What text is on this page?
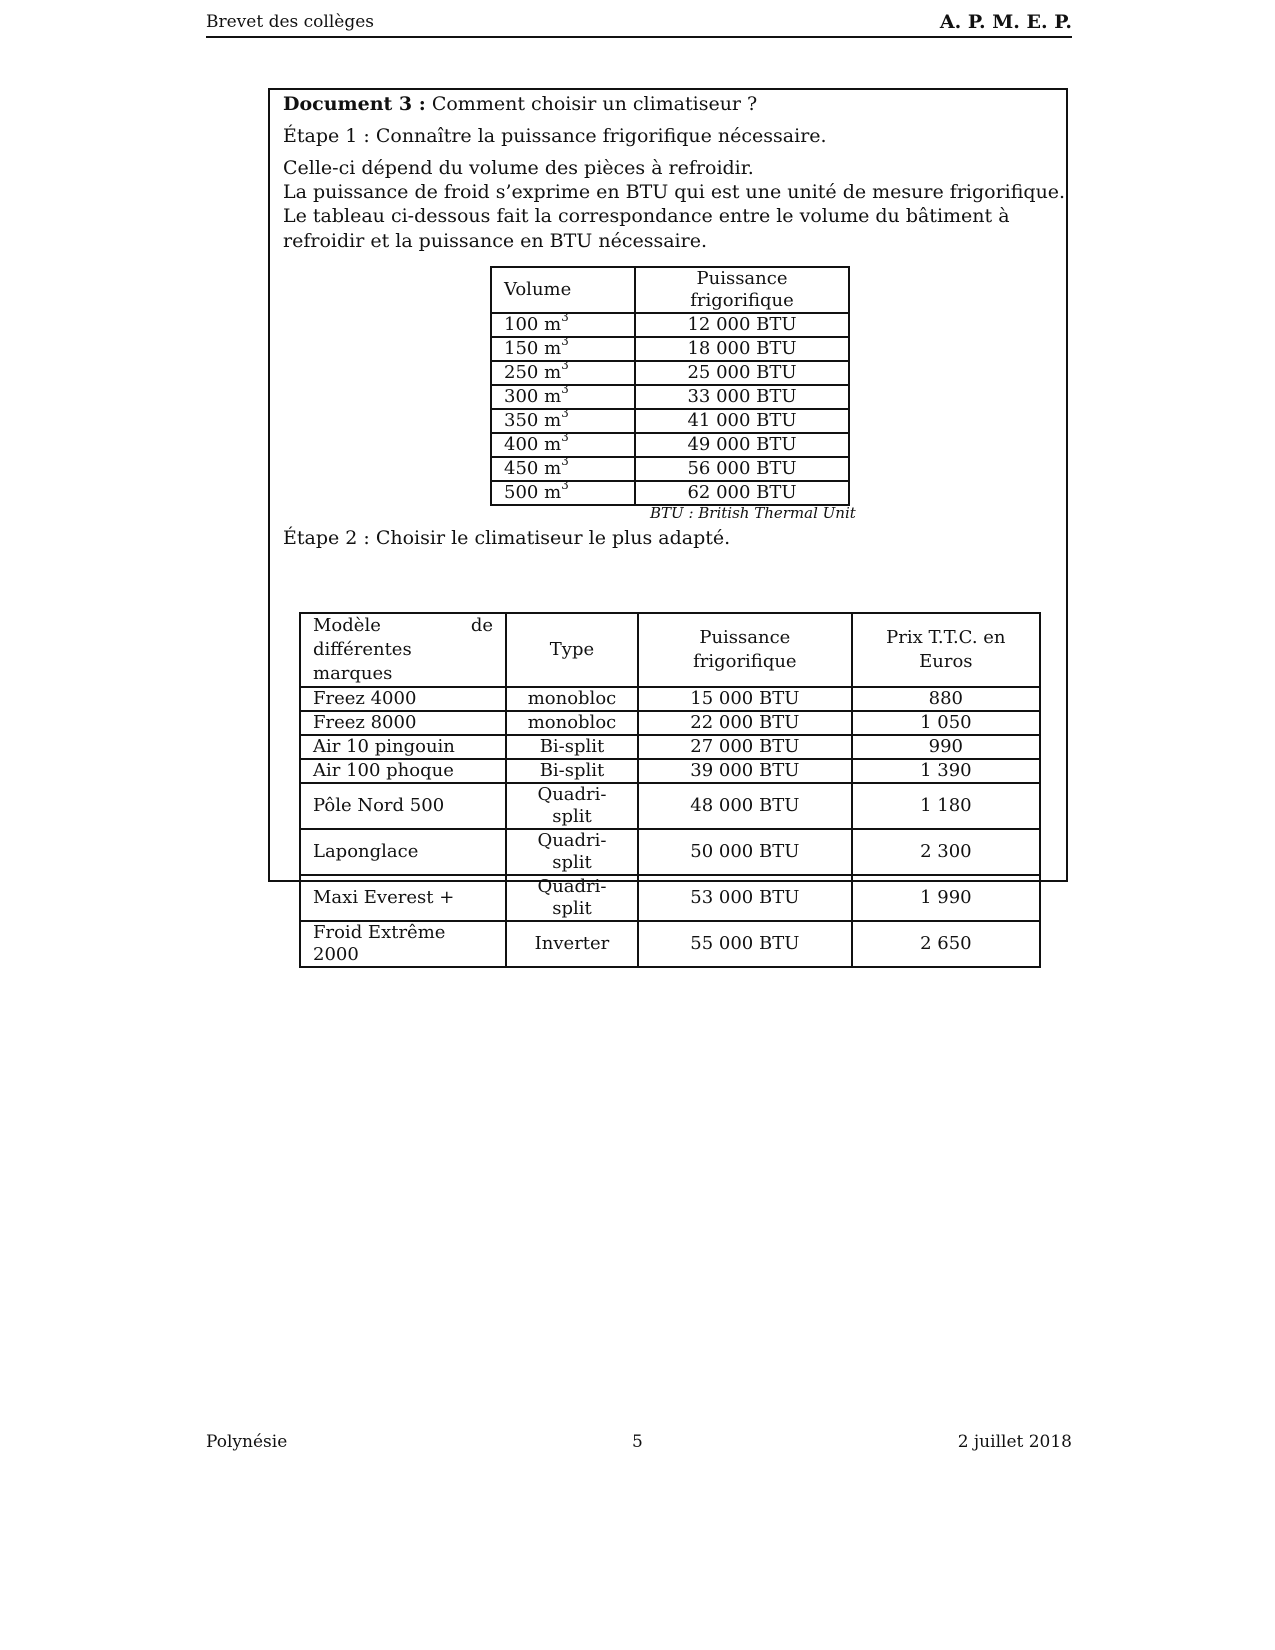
Brevet des collèges	A. P. M. E. P.
Document 3 : Comment choisir un climatiseur ?
Étape 1 : Connaître la puissance frigorifique nécessaire.
Celle-ci dépend du volume des pièces à refroidir.
La puissance de froid s’exprime en BTU qui est une unité de mesure frigorifique.
Le tableau ci-dessous fait la correspondance entre le volume du bâtiment à refroidir et la puissance en BTU nécessaire.
Volume	Puissance frigorifique
100 $m^3$	12 000 BTU
150 $m^3$	18 000 BTU
250 $m^3$	25 000 BTU
300 $m^3$	33 000 BTU
350 $m^3$	41 000 BTU
400 $m^3$	49 000 BTU
450 $m^3$	56 000 BTU
500 $m^3$	62 000 BTU
BTU : British Thermal Unit
Étape 2 : Choisir le climatiseur le plus adapté.
Modèle de différentes marques	Type	Puissance frigorifique	Prix T.T.C. en Euros
Freez 4000	monobloc	15 000 BTU	880
Freez 8000	monobloc	22 000 BTU	1 050
Air 10 pingouin	Bi-split	27 000 BTU	990
Air 100 phoque	Bi-split	39 000 BTU	1 390
Pôle Nord 500	Quadri-split	48 000 BTU	1 180
Laponglace	Quadri-split	50 000 BTU	2 300
Maxi Everest +	Quadri-split	53 000 BTU	1 990
Froid Extrême 2000	Inverter	55 000 BTU	2 650
Polynésie	5	2 juillet 2018
